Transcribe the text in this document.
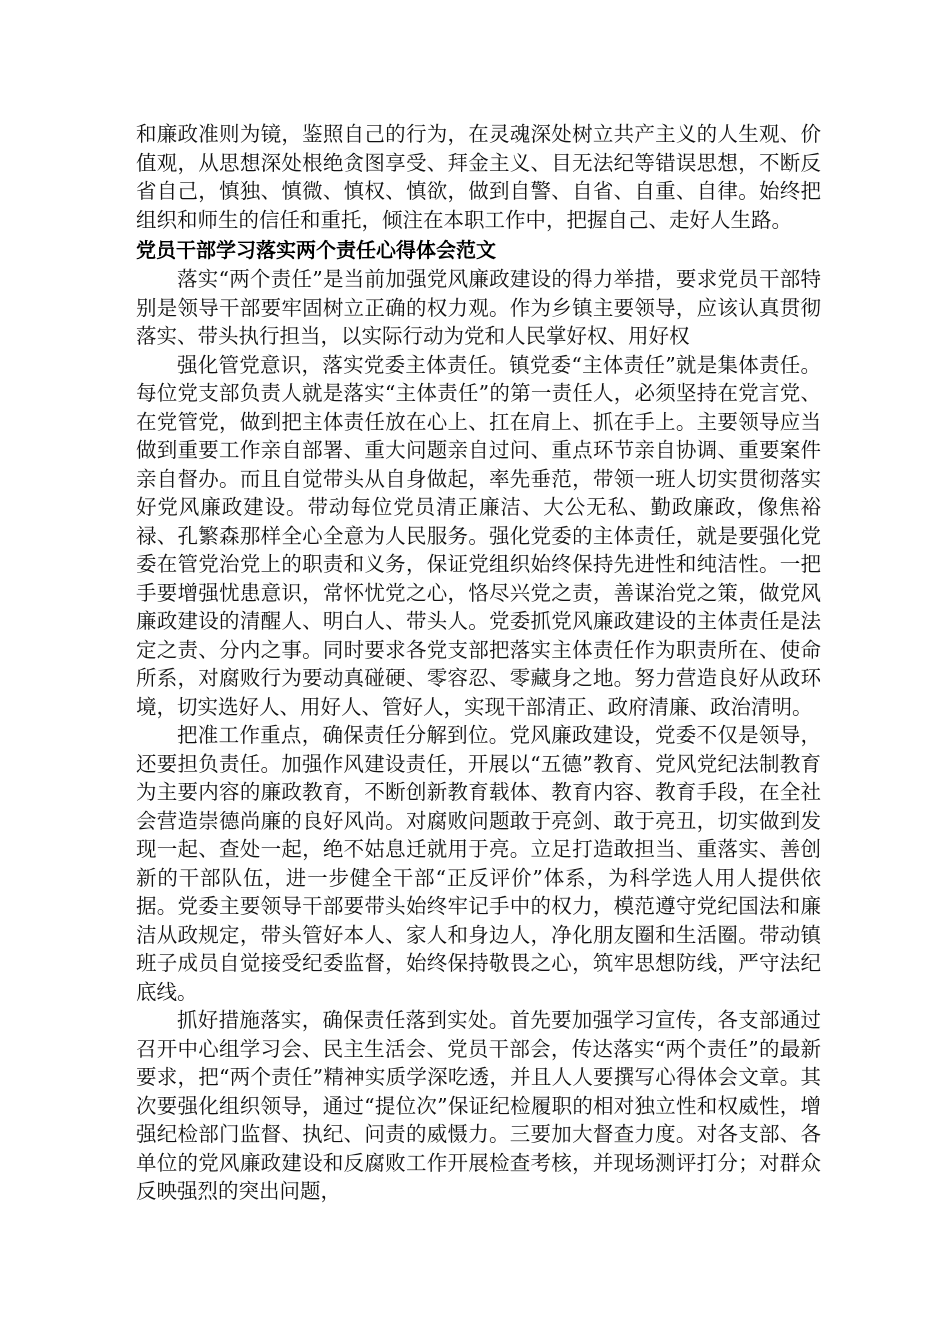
和廉政准则为镜，鉴照自己的行为，在灵魂深处树立共产主义的人生观、价值观，从思想深处根绝贪图享受、拜金主义、目无法纪等错误思想，不断反省自己，慎独、慎微、慎权、慎欲，做到自警、自省、自重、自律。始终把组织和师生的信任和重托，倾注在本职工作中，把握自己、走好人生路。

党员干部学习落实两个责任心得体会范文

落实“两个责任”是当前加强党风廉政建设的得力举措，要求党员干部特别是领导干部要牢固树立正确的权力观。作为乡镇主要领导，应该认真贯彻落实、带头执行担当，以实际行动为党和人民掌好权、用好权

强化管党意识，落实党委主体责任。镇党委“主体责任”就是集体责任。每位党支部负责人就是落实“主体责任”的第一责任人，必须坚持在党言党、在党管党，做到把主体责任放在心上、扛在肩上、抓在手上。主要领导应当做到重要工作亲自部署、重大问题亲自过问、重点环节亲自协调、重要案件亲自督办。而且自觉带头从自身做起，率先垂范，带领一班人切实贯彻落实好党风廉政建设。带动每位党员清正廉洁、大公无私、勤政廉政，像焦裕禄、孔繁森那样全心全意为人民服务。强化党委的主体责任，就是要强化党委在管党治党上的职责和义务，保证党组织始终保持先进性和纯洁性。一把手要增强忧患意识，常怀忧党之心，恪尽兴党之责，善谋治党之策，做党风廉政建设的清醒人、明白人、带头人。党委抓党风廉政建设的主体责任是法定之责、分内之事。同时要求各党支部把落实主体责任作为职责所在、使命所系，对腐败行为要动真碰硬、零容忍、零藏身之地。努力营造良好从政环境，切实选好人、用好人、管好人，实现干部清正、政府清廉、政治清明。

把准工作重点，确保责任分解到位。党风廉政建设，党委不仅是领导，还要担负责任。加强作风建设责任，开展以“五德”教育、党风党纪法制教育为主要内容的廉政教育，不断创新教育载体、教育内容、教育手段，在全社会营造崇德尚廉的良好风尚。对腐败问题敢于亮剑、敢于亮丑，切实做到发现一起、查处一起，绝不姑息迁就用于亮。立足打造敢担当、重落实、善创新的干部队伍，进一步健全干部“正反评价”体系，为科学选人用人提供依据。党委主要领导干部要带头始终牢记手中的权力，模范遵守党纪国法和廉洁从政规定，带头管好本人、家人和身边人，净化朋友圈和生活圈。带动镇班子成员自觉接受纪委监督，始终保持敬畏之心，筑牢思想防线，严守法纪底线。

抓好措施落实，确保责任落到实处。首先要加强学习宣传，各支部通过召开中心组学习会、民主生活会、党员干部会，传达落实“两个责任”的最新要求，把“两个责任”精神实质学深吃透，并且人人要撰写心得体会文章。其次要强化组织领导，通过“提位次”保证纪检履职的相对独立性和权威性，增强纪检部门监督、执纪、问责的威慑力。三要加大督查力度。对各支部、各单位的党风廉政建设和反腐败工作开展检查考核，并现场测评打分；对群众反映强烈的突出问题，
